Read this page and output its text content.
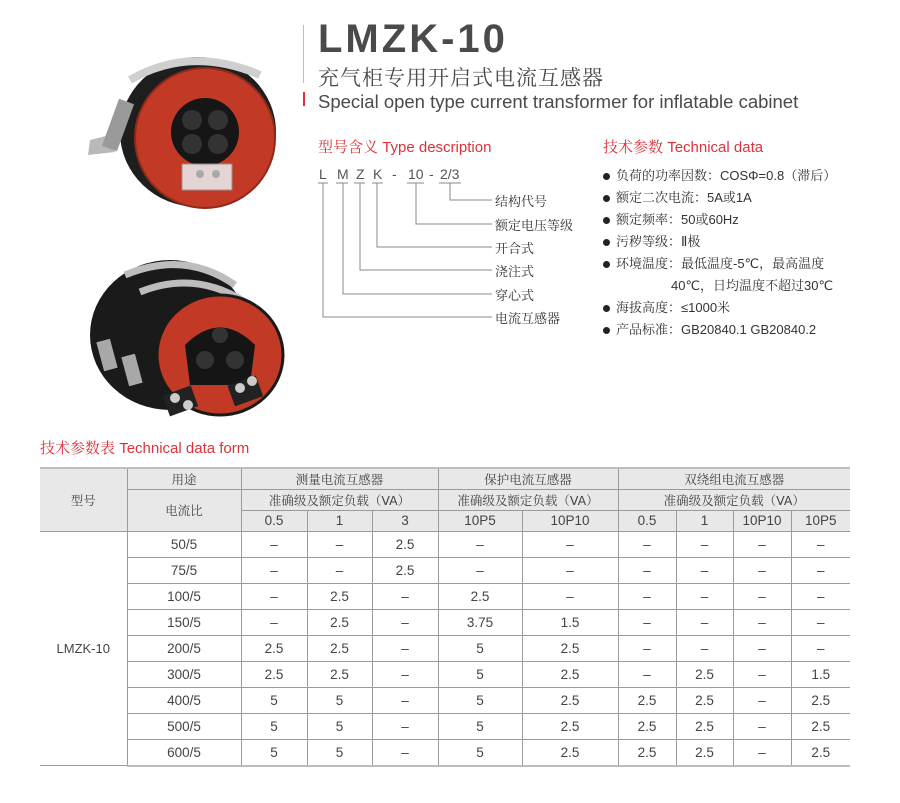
LMZK-10
充气柜专用开启式电流互感器
Special open type current transformer for inflatable cabinet
型号含义 Type description
L M Z K - 10 - 2/3
结构代号
额定电压等级
开合式
浇注式
穿心式
电流互感器
技术参数 Technical data
负荷的功率因数：COSΦ=0.8（滞后）
额定二次电流：5A或1A
额定频率：50或60Hz
污秽等级：Ⅱ极
环境温度：最低温度-5℃，最高温度
40℃，日均温度不超过30℃
海拔高度：≤1000米
产品标准：GB20840.1 GB20840.2
技术参数表 Technical data form
型号	用途	测量电流互感器			保护电流互感器		双绕组电流互感器			
	电流比	准确级及额定负载（VA）			准确级及额定负载（VA）		准确级及额定负载（VA）			
		0.5	1	3	10P5	10P10	0.5	1	10P10	10P5
LMZK-10	50/5	–	–	2.5	–	–	–	–	–	–
	75/5	–	–	2.5	–	–	–	–	–	–
	100/5	–	2.5	–	2.5	–	–	–	–	–
	150/5	–	2.5	–	3.75	1.5	–	–	–	–
	200/5	2.5	2.5	–	5	2.5	–	–	–	–
	300/5	2.5	2.5	–	5	2.5	–	2.5	–	1.5
	400/5	5	5	–	5	2.5	2.5	2.5	–	2.5
	500/5	5	5	–	5	2.5	2.5	2.5	–	2.5
	600/5	5	5	–	5	2.5	2.5	2.5	–	2.5
